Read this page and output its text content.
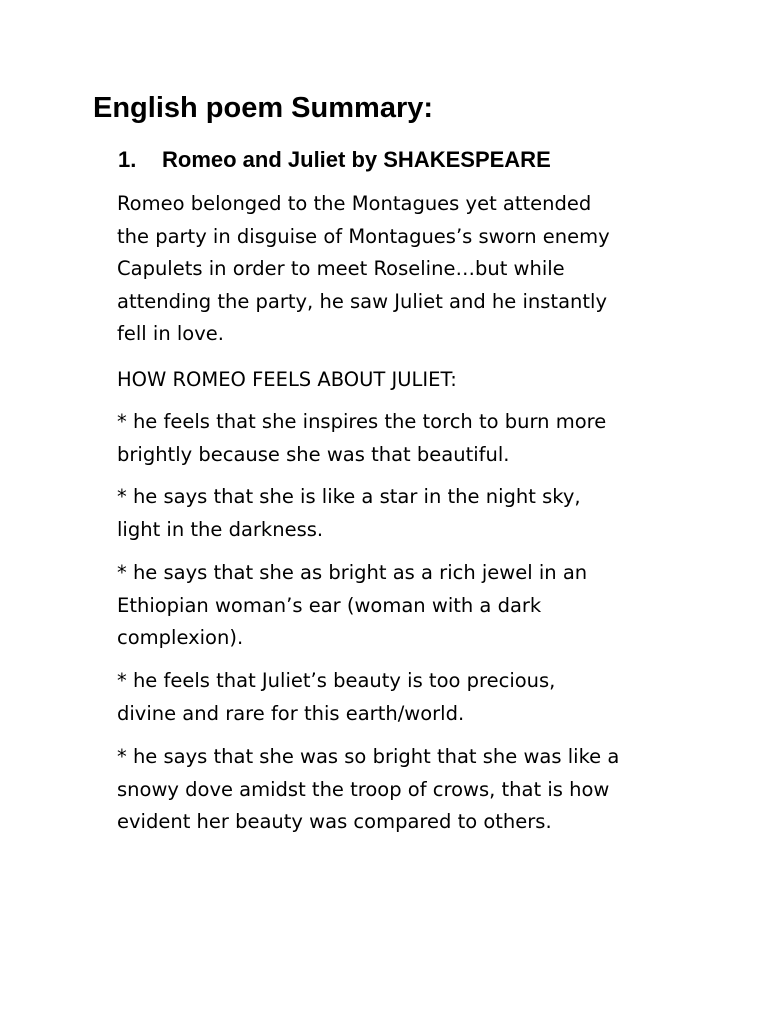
English poem Summary:
1. Romeo and Juliet by SHAKESPEARE

Romeo belonged to the Montagues yet attended
the party in disguise of Montagues’s sworn enemy
Capulets in order to meet Roseline…but while
attending the party, he saw Juliet and he instantly
fell in love.

HOW ROMEO FEELS ABOUT JULIET:

* he feels that she inspires the torch to burn more
brightly because she was that beautiful.

* he says that she is like a star in the night sky,
light in the darkness.

* he says that she as bright as a rich jewel in an
Ethiopian woman’s ear (woman with a dark
complexion).

* he feels that Juliet’s beauty is too precious,
divine and rare for this earth/world.

* he says that she was so bright that she was like a
snowy dove amidst the troop of crows, that is how
evident her beauty was compared to others.
